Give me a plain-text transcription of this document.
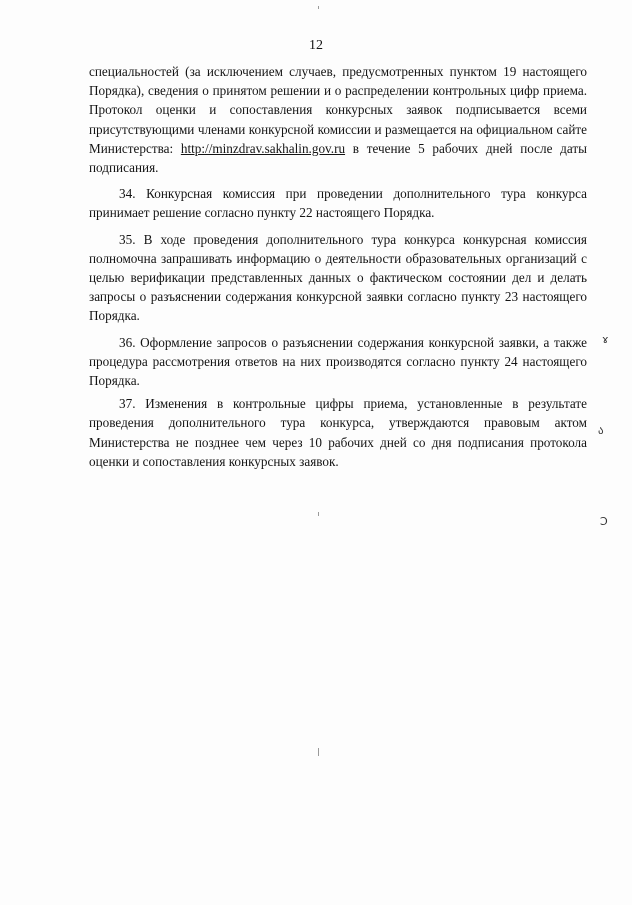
12

специальностей (за исключением случаев, предусмотренных пунктом 19 настоящего Порядка), сведения о принятом решении и о распределении контрольных цифр приема. Протокол оценки и сопоставления конкурсных заявок подписывается всеми присутствующими членами конкурсной комиссии и размещается на официальном сайте Министерства: http://minzdrav.sakhalin.gov.ru в течение 5 рабочих дней после даты подписания.

34. Конкурсная комиссия при проведении дополнительного тура конкурса принимает решение согласно пункту 22 настоящего Порядка.

35. В ходе проведения дополнительного тура конкурса конкурсная комиссия полномочна запрашивать информацию о деятельности образовательных организаций с целью верификации представленных данных о фактическом состоянии дел и делать запросы о разъяснении содержания конкурсной заявки согласно пункту 23 настоящего Порядка.

36. Оформление запросов о разъяснении содержания конкурсной заявки, а также процедура рассмотрения ответов на них производятся согласно пункту 24 настоящего Порядка.

37. Изменения в контрольные цифры приема, установленные в результате проведения дополнительного тура конкурса, утверждаются правовым актом Министерства не позднее чем через 10 рабочих дней со дня подписания протокола оценки и сопоставления конкурсных заявок.

ɤ
ა
Ɔ
